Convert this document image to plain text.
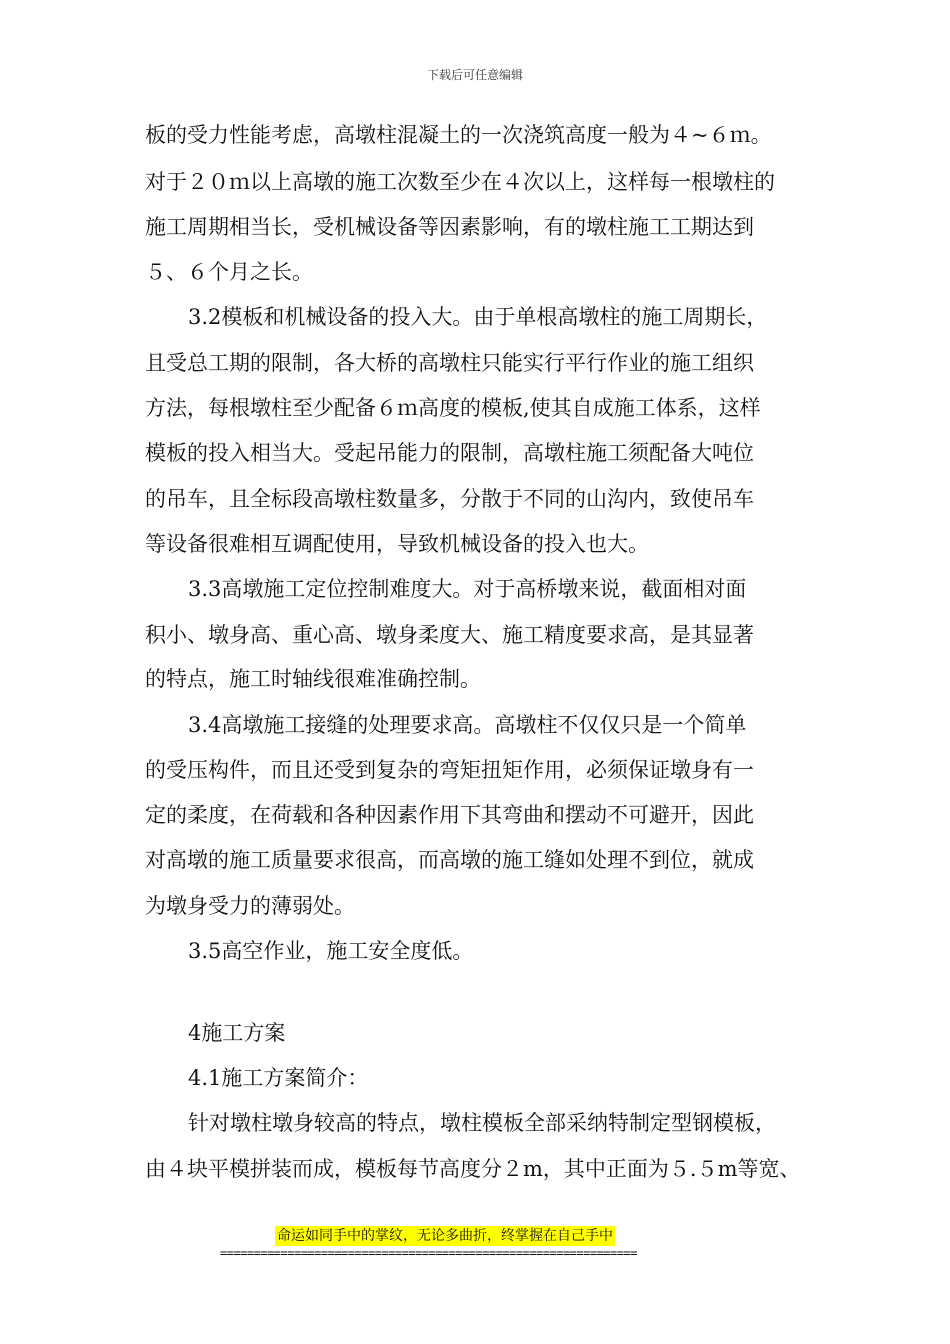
下载后可任意编辑
板的受力性能考虑，高墩柱混凝土的一次浇筑高度一般为４~６ｍ。
对于２０ｍ以上高墩的施工次数至少在４次以上，这样每一根墩柱的
施工周期相当长，受机械设备等因素影响，有的墩柱施工工期达到
５、６个月之长。
3.2模板和机械设备的投入大。由于单根高墩柱的施工周期长，
且受总工期的限制，各大桥的高墩柱只能实行平行作业的施工组织
方法，每根墩柱至少配备６ｍ高度的模板,使其自成施工体系，这样
模板的投入相当大。受起吊能力的限制，高墩柱施工须配备大吨位
的吊车，且全标段高墩柱数量多，分散于不同的山沟内，致使吊车
等设备很难相互调配使用，导致机械设备的投入也大。
3.3高墩施工定位控制难度大。对于高桥墩来说，截面相对面
积小、墩身高、重心高、墩身柔度大、施工精度要求高，是其显著
的特点，施工时轴线很难准确控制。
3.4高墩施工接缝的处理要求高。高墩柱不仅仅只是一个简单
的受压构件，而且还受到复杂的弯矩扭矩作用，必须保证墩身有一
定的柔度，在荷载和各种因素作用下其弯曲和摆动不可避开，因此
对高墩的施工质量要求很高，而高墩的施工缝如处理不到位，就成
为墩身受力的薄弱处。
3.5高空作业，施工安全度低。
4施工方案
4.1施工方案简介：
针对墩柱墩身较高的特点，墩柱模板全部采纳特制定型钢模板，
由４块平模拼装而成，模板每节高度分２m，其中正面为５.５m等宽、
命运如同手中的掌纹，无论多曲折，终掌握在自己手中
==============================================================
